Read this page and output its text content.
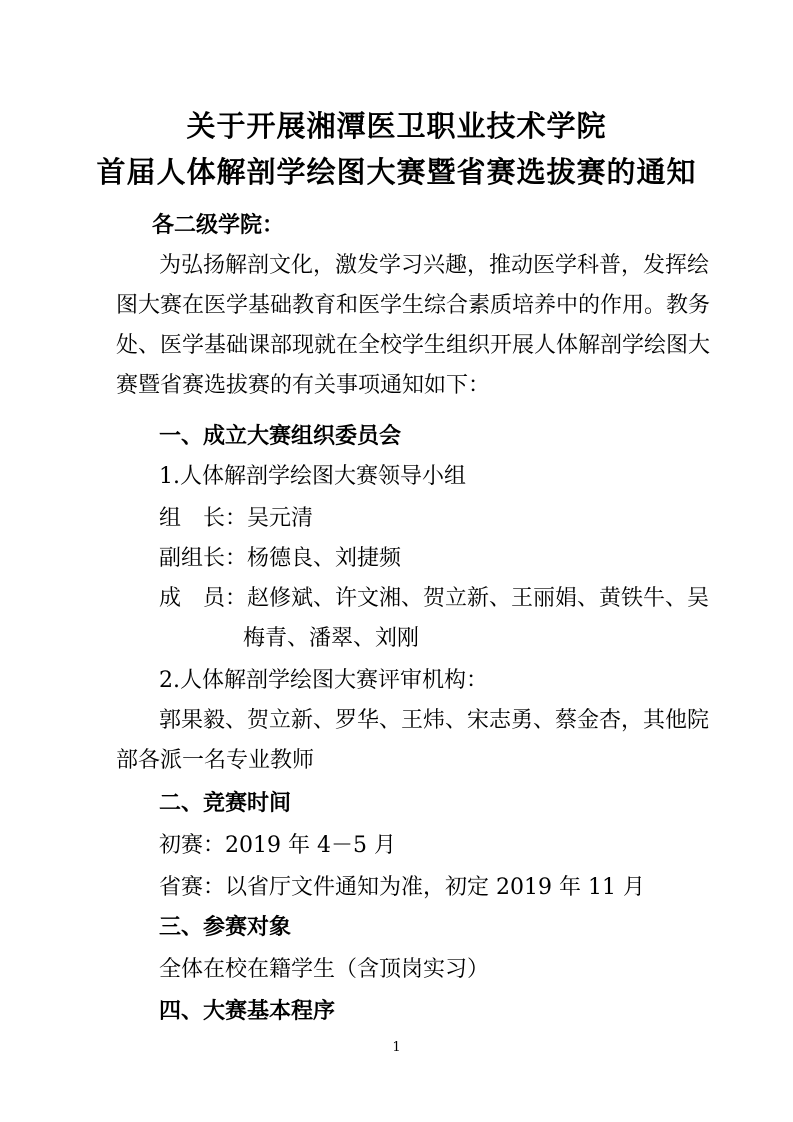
关于开展湘潭医卫职业技术学院
首届人体解剖学绘图大赛暨省赛选拔赛的通知
各二级学院：
为弘扬解剖文化，激发学习兴趣，推动医学科普，发挥绘
图大赛在医学基础教育和医学生综合素质培养中的作用。教务
处、医学基础课部现就在全校学生组织开展人体解剖学绘图大
赛暨省赛选拔赛的有关事项通知如下：
一、成立大赛组织委员会
1.人体解剖学绘图大赛领导小组
组　长：吴元清
副组长：杨德良、刘捷频
成　员：赵修斌、许文湘、贺立新、王丽娟、黄铁牛、吴
梅青、潘翠、刘刚
2.人体解剖学绘图大赛评审机构：
郭果毅、贺立新、罗华、王炜、宋志勇、蔡金杏，其他院
部各派一名专业教师
二、竞赛时间
初赛：2019 年 4－5 月
省赛：以省厅文件通知为准，初定 2019 年 11 月
三、参赛对象
全体在校在籍学生（含顶岗实习）
四、大赛基本程序
1
